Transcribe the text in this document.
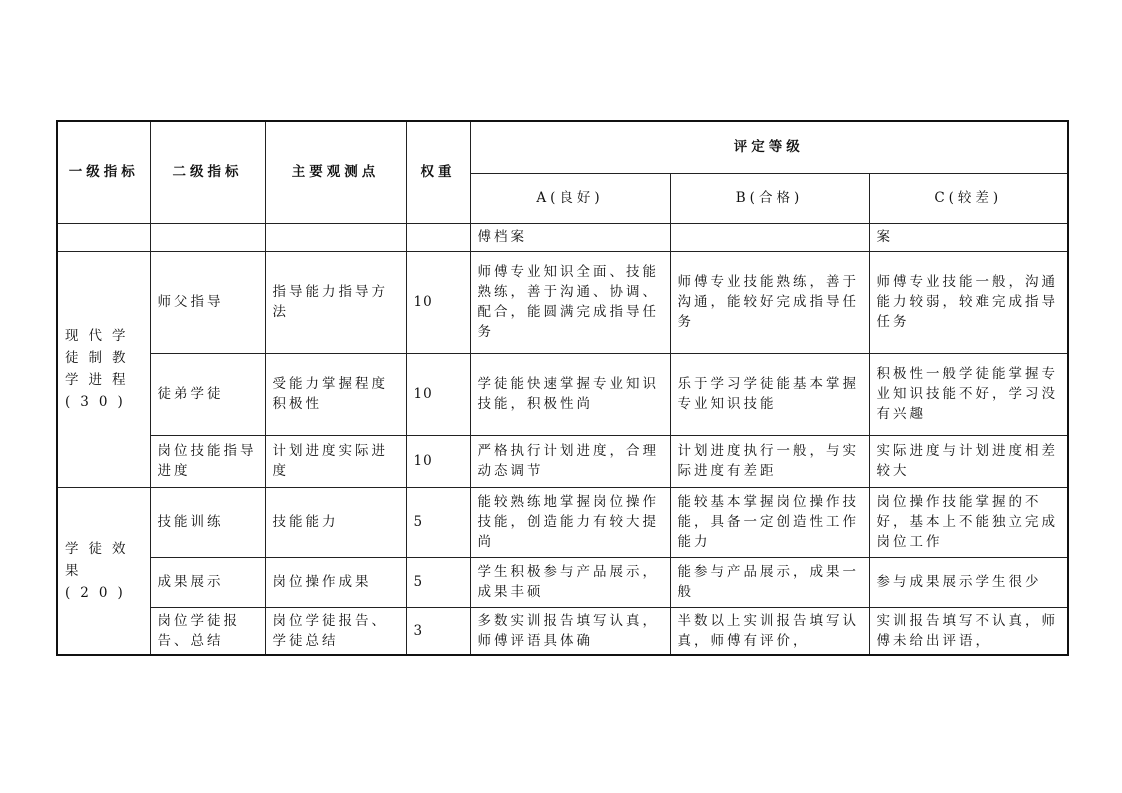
一级指标	二级指标	主要观测点	权重	评定等级		
				A(良好)	B(合格)	C(较差)
				傅档案		案
现代学徒制教学进程(30)	师父指导	指导能力指导方法	10	师傅专业知识全面、技能熟练，善于沟通、协调、配合，能圆满完成指导任务	师傅专业技能熟练，善于沟通，能较好完成指导任务	师傅专业技能一般，沟通能力较弱，较难完成指导任务
	徒弟学徒	受能力掌握程度积极性	10	学徒能快速掌握专业知识技能，积极性尚	乐于学习学徒能基本掌握专业知识技能	积极性一般学徒能掌握专业知识技能不好，学习没有兴趣
	岗位技能指导进度	计划进度实际进度	10	严格执行计划进度，合理动态调节	计划进度执行一般，与实际进度有差距	实际进度与计划进度相差较大
学徒效果(20)	技能训练	技能能力	5	能较熟练地掌握岗位操作技能，创造能力有较大提尚	能较基本掌握岗位操作技能，具备一定创造性工作能力	岗位操作技能掌握的不好，基本上不能独立完成岗位工作
	成果展示	岗位操作成果	5	学生积极参与产品展示，成果丰硕	能参与产品展示，成果一般	参与成果展示学生很少
	岗位学徒报告、总结	岗位学徒报告、学徒总结	3	多数实训报告填写认真，师傅评语具体确	半数以上实训报告填写认真，师傅有评价，	实训报告填写不认真，师傅未给出评语，
